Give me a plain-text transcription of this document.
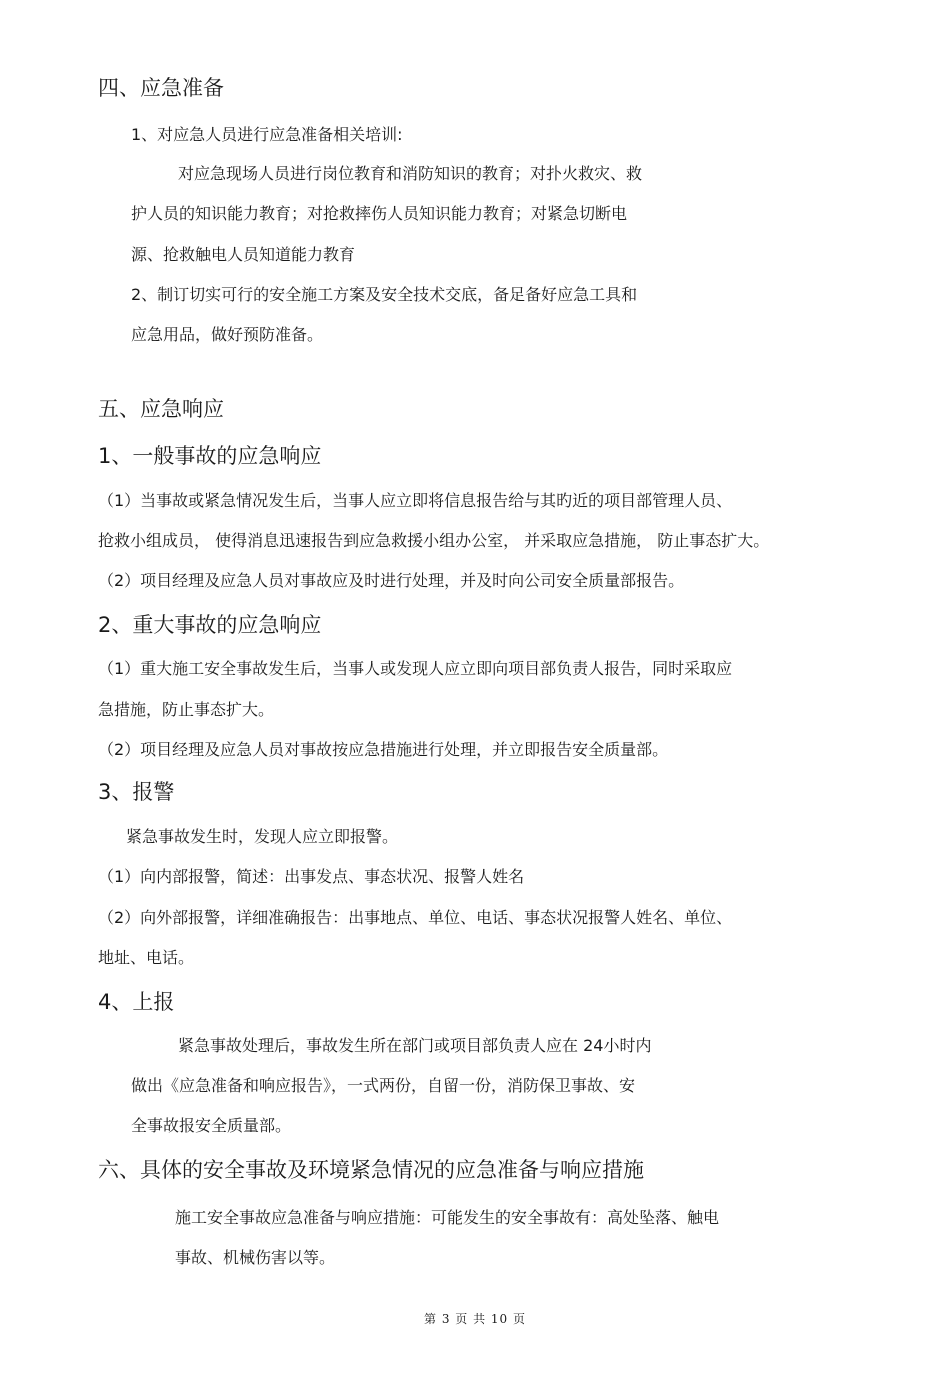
四、应急准备
1、对应急人员进行应急准备相关培训:
对应急现场人员进行岗位教育和消防知识的教育；对扑火救灾、救
护人员的知识能力教育；对抢救摔伤人员知识能力教育；对紧急切断电
源、抢救触电人员知道能力教育
2、制订切实可行的安全施工方案及安全技术交底，备足备好应急工具和
应急用品，做好预防准备。
五、应急响应
1、一般事故的应急响应
（1）当事故或紧急情况发生后，当事人应立即将信息报告给与其旳近的项目部管理人员、
抢救小组成员， 使得消息迅速报告到应急救援小组办公室， 并采取应急措施， 防止事态扩大。
（2）项目经理及应急人员对事故应及时进行处理，并及时向公司安全质量部报告。
2、重大事故的应急响应
（1）重大施工安全事故发生后，当事人或发现人应立即向项目部负责人报告，同时采取应
急措施，防止事态扩大。
（2）项目经理及应急人员对事故按应急措施进行处理，并立即报告安全质量部。
3、报警
紧急事故发生时，发现人应立即报警。
（1）向内部报警，简述：出事发点、事态状况、报警人姓名
（2）向外部报警，详细准确报告：出事地点、单位、电话、事态状况报警人姓名、单位、
地址、电话。
4、上报
紧急事故处理后，事故发生所在部门或项目部负责人应在 24小时内
做出《应急准备和响应报告》，一式两份，自留一份，消防保卫事故、安
全事故报安全质量部。
六、具体的安全事故及环境紧急情况的应急准备与响应措施
施工安全事故应急准备与响应措施：可能发生的安全事故有：高处坠落、触电
事故、机械伤害以等。
第 3 页 共 10 页
